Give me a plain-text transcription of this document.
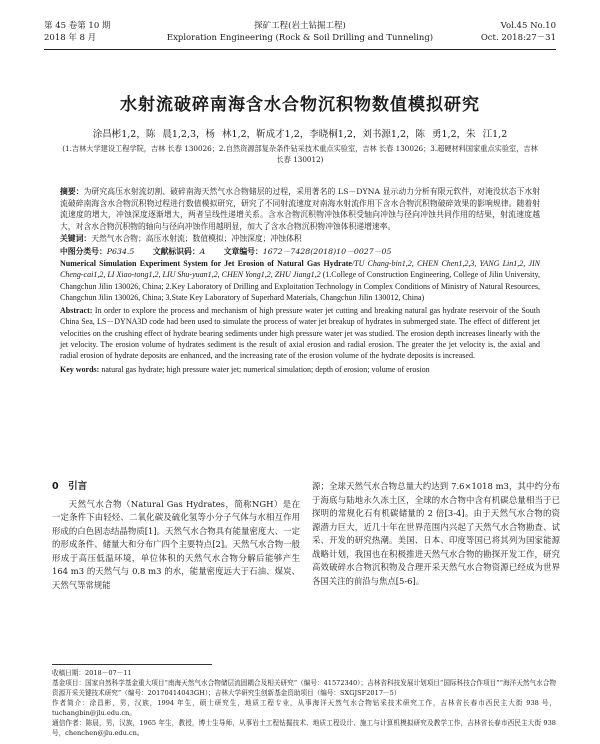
第 45 卷第 10 期
2018 年 8 月
探矿工程(岩土钻掘工程)
Exploration Engineering (Rock & Soil Drilling and Tunneling)
Vol.45 No.10
Oct. 2018:27－31
水射流破碎南海含水合物沉积物数值模拟研究
涂昌彬1,2，陈 晨1,2,3，杨 林1,2，靳成才1,2，李晓桐1,2，刘书源1,2，陈 勇1,2，朱 江1,2
(1.吉林大学建设工程学院，吉林 长春 130026；2.自然资源部复杂条件钻采技术重点实验室，吉林 长春 130026；3.超硬材料国家重点实验室，吉林 长春 130012)
摘要：为研究高压水射流切割、破碎南海天然气水合物储层的过程，采用著名的 LS－DYNA 显示动力分析有限元软件，对淹没状态下水射流破碎南海含水合物沉积物过程进行数值模拟研究，研究了不同射流速度对南海水射流作用下含水合物沉积物破碎效果的影响规律。随着射流速度的增大，冲蚀深度逐渐增大，两者呈线性递增关系。含水合物沉积物冲蚀体积受轴向冲蚀与径向冲蚀共同作用的结果，射流速度越大，对含水合物沉积物的轴向与径向冲蚀作用越明显，加大了含水合物沉积物冲蚀体积递增速率。
关键词：天然气水合物；高压水射流；数值模拟；冲蚀深度；冲蚀体积
中图分类号：P634.5 文献标识码：A 文章编号：1672－7428(2018)10－0027－05
Numerical Simulation Experiment System for Jet Erosion of Natural Gas Hydrate/TU Chang-bin1,2, CHEN Chen1,2,3, YANG Lin1,2, JIN Cheng-cai1,2, LI Xiao-tong1,2, LIU Shu-yuan1,2, CHEN Yong1,2, ZHU Jiang1,2 (1.College of Construction Engineering, College of Jilin University, Changchun Jilin 130026, China; 2.Key Laboratory of Drilling and Exploitation Technology in Complex Conditions of Ministry of Natural Resources, Changchun Jilin 130026, China; 3.State Key Laboratory of Superhard Materials, Changchun Jilin 130012, China)
Abstract: In order to explore the process and mechanism of high pressure water jet cutting and breaking natural gas hydrate reservoir of the South China Sea, LS－DYNA3D code had been used to simulate the process of water jet breakup of hydrates in submerged state. The effect of different jet velocities on the crushing effect of hydrate bearing sediments under high pressure water jet was studied. The erosion depth increases linearly with the jet velocity. The erosion volume of hydrates sediment is the result of axial erosion and radial erosion. The greater the jet velocity is, the axial and radial erosion of hydrate deposits are enhanced, and the increasing rate of the erosion volume of the hydrate deposits is increased.
Key words: natural gas hydrate; high pressure water jet; numerical simulation; depth of erosion; volume of erosion
0　引言

天然气水合物（Natural Gas Hydrates，简称NGH）是在一定条件下由轻烃、二氧化碳及硫化氢等小分子气体与水相互作用形成的白色固态结晶物质[1]。天然气水合物具有能量密度大、一定的形成条件、储量大和分布广四个主要特点[2]。天然气水合物一般形成于高压低温环境，单位体积的天然气水合物分解后能够产生 164 m3 的天然气与 0.8 m3 的水，能量密度远大于石油、煤炭、天然气等常规能

源；全球天然气水合物总量大约达到 7.6×1018 m3，其中约分布于海底与陆地永久冻土区，全球的水合物中含有机碳总量相当于已探明的常规化石有机碳储量的 2 倍[3-4]。由于天然气水合物的资源潜力巨大，近几十年在世界范围内兴起了天然气水合物勘查、试采、开发的研究热潮。美国、日本、印度等国已将其列为国家能源战略计划，我国也在积极推进天然气水合物的勘探开发工作，研究高效破碎水合物沉积物及合理开采天然气水合物资源已经成为世界各国关注的前沿与焦点[5-6]。

收稿日期：2018－07－11
基金项目：国家自然科学基金重大项目“南海天然气水合物储层流固耦合及相关研究”（编号：41572340）；吉林省科技发展计划项目“国际科技合作项目”“海洋天然气水合物资源开采关键技术研究”（编号：20170414043GH）；吉林大学研究生创新基金资助项目（编号：SXGJSF2017－5）
作者简介：涂昌彬，男，汉族，1994 年生，硕士研究生，地质工程专业，从事海洋天然气水合物钻采技术研究工作，吉林省长春市西民主大街 938 号，tuchangbin@jlu.edu.cn。
通信作者：陈晨，男，汉族，1965 年生，教授，博士生导师，从事岩土工程钻掘技术、地质工程设计、施工与计算机模拟研究及教学工作，吉林省长春市西民主大街 938 号，chenchen@jlu.edu.cn。
